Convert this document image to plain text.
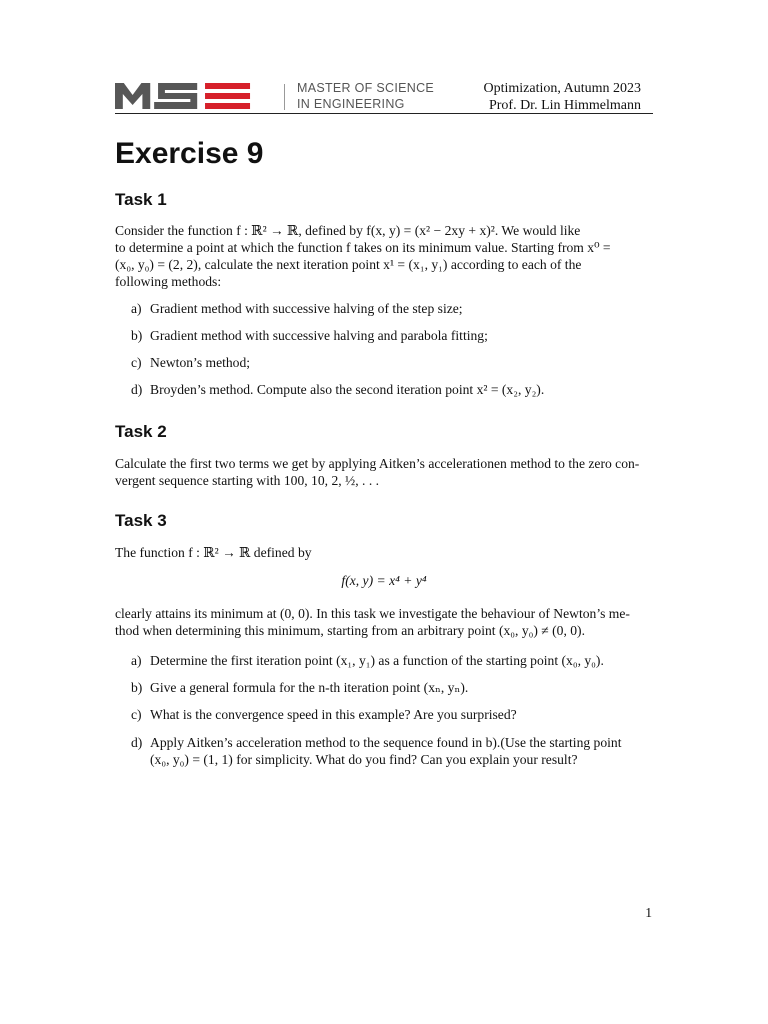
MASTER OF SCIENCE
IN ENGINEERING
Optimization, Autumn 2023
Prof. Dr. Lin Himmelmann
Exercise 9
Task 1
Consider the function f : ℝ² → ℝ, defined by f(x, y) = (x² − 2xy + x)². We would like
to determine a point at which the function f takes on its minimum value. Starting from x⁰ =
(x₀, y₀) = (2, 2), calculate the next iteration point x¹ = (x₁, y₁) according to each of the
following methods:
a) Gradient method with successive halving of the step size;
b) Gradient method with successive halving and parabola fitting;
c) Newton’s method;
d) Broyden’s method. Compute also the second iteration point x² = (x₂, y₂).
Task 2
Calculate the first two terms we get by applying Aitken’s accelerationen method to the zero con-
vergent sequence starting with 100, 10, 2, ½, . . .
Task 3
The function f : ℝ² → ℝ defined by
f(x, y) = x⁴ + y⁴
clearly attains its minimum at (0, 0). In this task we investigate the behaviour of Newton’s me-
thod when determining this minimum, starting from an arbitrary point (x₀, y₀) ≠ (0, 0).
a) Determine the first iteration point (x₁, y₁) as a function of the starting point (x₀, y₀).
b) Give a general formula for the n-th iteration point (xₙ, yₙ).
c) What is the convergence speed in this example? Are you surprised?
d) Apply Aitken’s acceleration method to the sequence found in b).(Use the starting point
(x₀, y₀) = (1, 1) for simplicity. What do you find? Can you explain your result?
1
